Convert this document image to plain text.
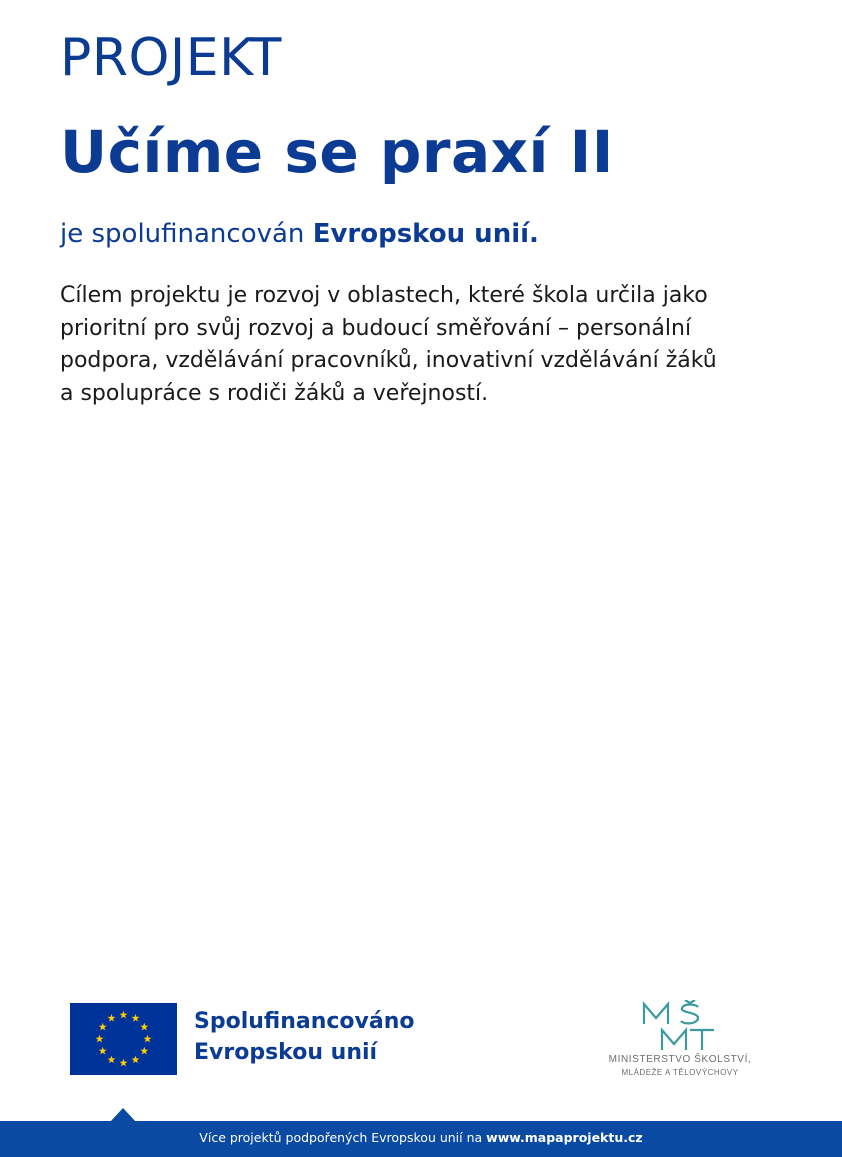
PROJEKT
Učíme se praxí II
je spolufinancován Evropskou unií.
Cílem projektu je rozvoj v oblastech, které škola určila jako
prioritní pro svůj rozvoj a budoucí směřování – personální
podpora, vzdělávání pracovníků, inovativní vzdělávání žáků
a spolupráce s rodiči žáků a veřejností.
Spolufinancováno
Evropskou unií	MINISTERSTVO ŠKOLSTVÍ,
MLÁDEŽE A TĚLOVÝCHOVY
Více projektů podpořených Evropskou unií na www.mapaprojektu.cz
